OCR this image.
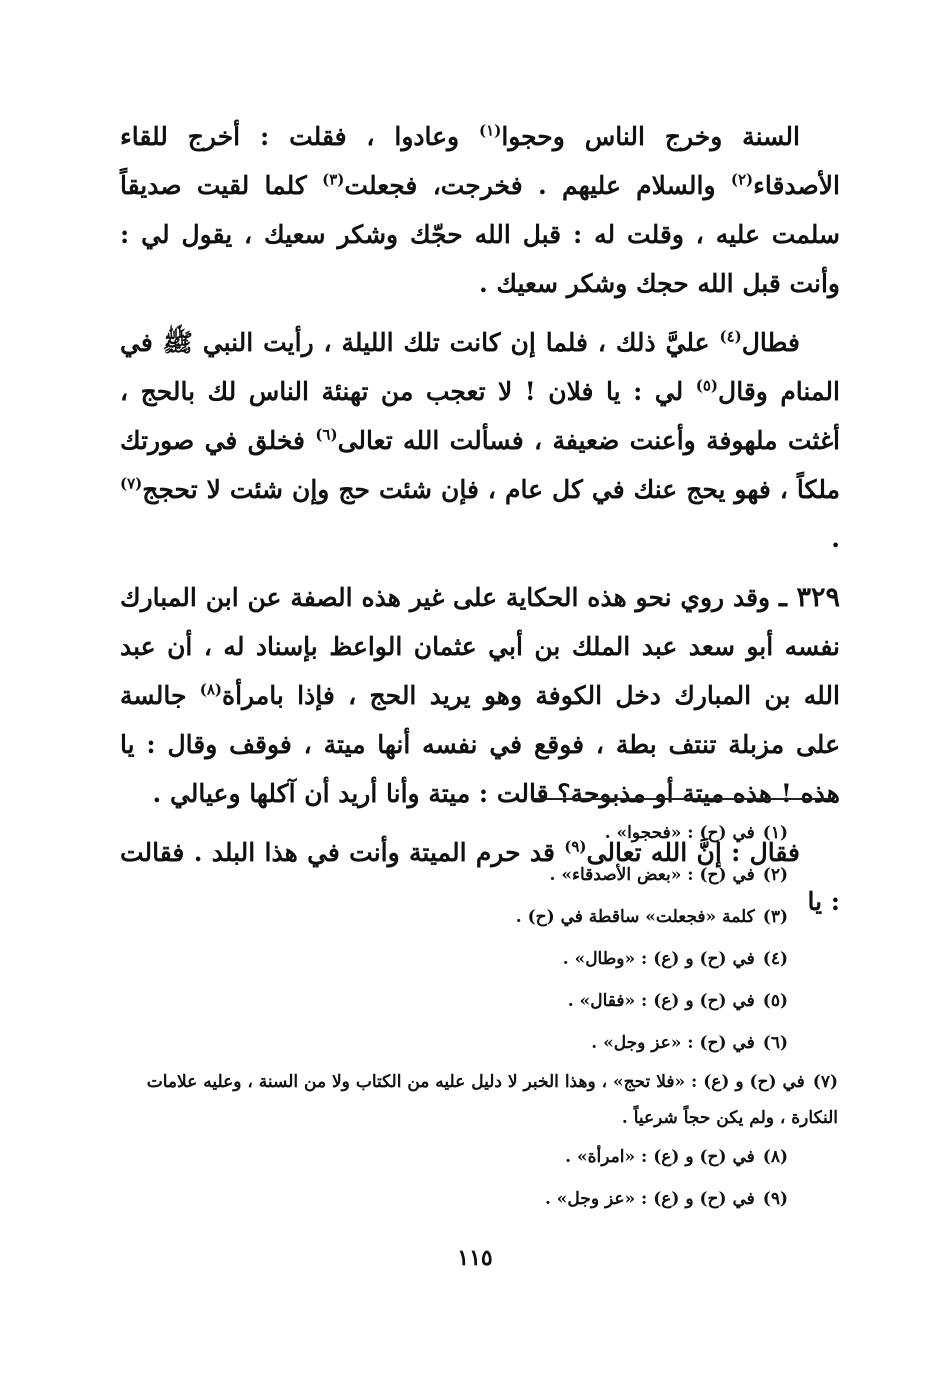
السنة وخرج الناس وحجوا$^{(١)}$ وعادوا ، فقلت : أخرج للقاء الأصدقاء$^{(٢)}$ والسلام عليهم . فخرجت، فجعلت$^{(٣)}$ كلما لقيت صديقاً سلمت عليه ، وقلت له : قبل الله حجّك وشكر سعيك ، يقول لي : وأنت قبل الله حجك وشكر سعيك .

فطال$^{(٤)}$ عليَّ ذلك ، فلما إن كانت تلك الليلة ، رأيت النبي ﷺ في المنام وقال$^{(٥)}$ لي : يا فلان ! لا تعجب من تهنئة الناس لك بالحج ، أغثت ملهوفة وأعنت ضعيفة ، فسألت الله تعالى$^{(٦)}$ فخلق في صورتك ملكاً ، فهو يحج عنك في كل عام ، فإن شئت حج وإن شئت لا تحجج$^{(٧)}$ .

٣٢٩ ـ وقد روي نحو هذه الحكاية على غير هذه الصفة عن ابن المبارك نفسه أبو سعد عبد الملك بن أبي عثمان الواعظ بإسناد له ، أن عبد الله بن المبارك دخل الكوفة وهو يريد الحج ، فإذا بامرأة$^{(٨)}$ جالسة على مزبلة تنتف بطة ، فوقع في نفسه أنها ميتة ، فوقف وقال : يا هذه ! هذه ميتة أو مذبوحة؟ قالت : ميتة وأنا أريد أن آكلها وعيالي .

فقال : إنَّ الله تعالى$^{(٩)}$ قد حرم الميتة وأنت في هذا البلد . فقالت : يا

(١)في (ح) : «فحجوا» .
(٢)في (ح) : «بعض الأصدقاء» .
(٣)كلمة «فجعلت» ساقطة في (ح) .
(٤)في (ح) و (ع) : «وطال» .
(٥)في (ح) و (ع) : «فقال» .
(٦)في (ح) : «عز وجل» .
(٧)في (ح) و (ع) : «فلا تحج» ، وهذا الخبر لا دليل عليه من الكتاب ولا من السنة ، وعليه علامات النكارة ، ولم يكن حجاً شرعياً .
(٨)في (ح) و (ع) : «امرأة» .
(٩)في (ح) و (ع) : «عز وجل» .
١١٥
